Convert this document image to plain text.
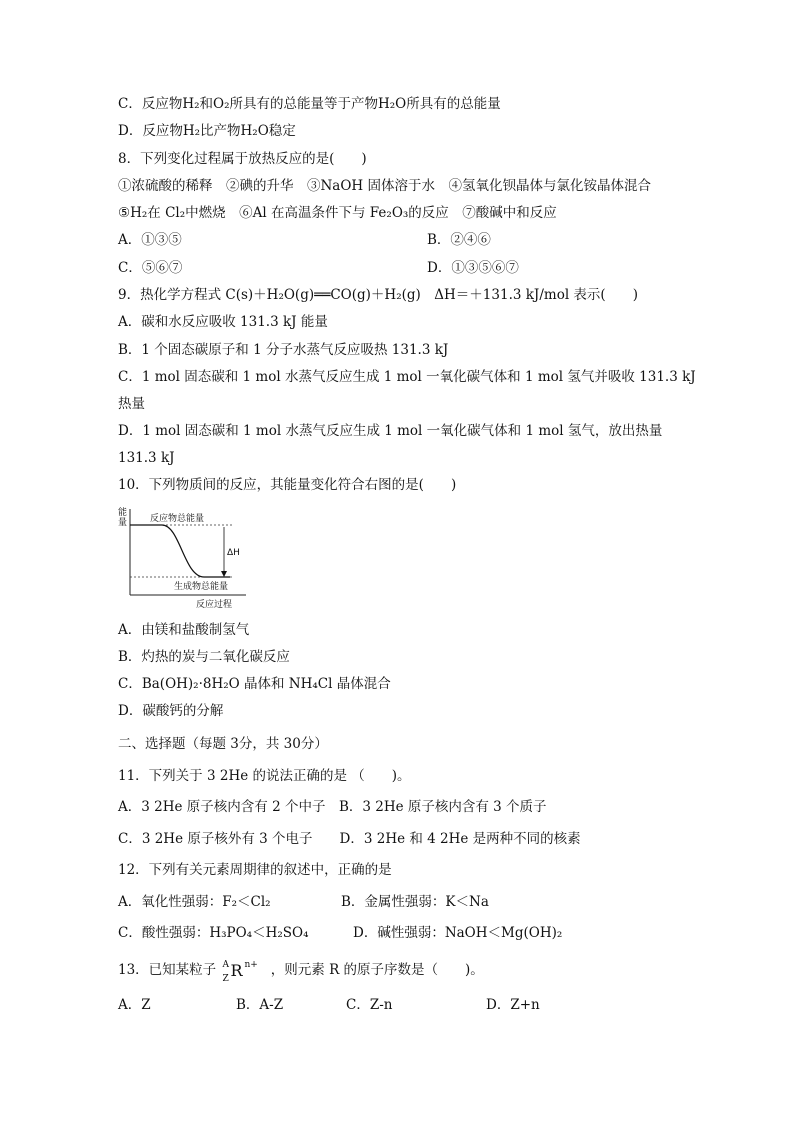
C．反应物H₂和O₂所具有的总能量等于产物H₂O所具有的总能量
D．反应物H₂比产物H₂O稳定
8．下列变化过程属于放热反应的是(　　)
①浓硫酸的稀释　②碘的升华　③NaOH 固体溶于水　④氢氧化钡晶体与氯化铵晶体混合
⑤H₂在 Cl₂中燃烧　⑥Al 在高温条件下与 Fe₂O₃的反应　⑦酸碱中和反应
A．①③⑤	B．②④⑥
C．⑤⑥⑦	D．①③⑤⑥⑦
9．热化学方程式 C(s)＋H₂O(g)══CO(g)＋H₂(g)　ΔH＝＋131.3 kJ/mol 表示(　　)
A．碳和水反应吸收 131.3 kJ 能量
B．1 个固态碳原子和 1 分子水蒸气反应吸热 131.3 kJ
C．1 mol 固态碳和 1 mol 水蒸气反应生成 1 mol 一氧化碳气体和 1 mol 氢气并吸收 131.3 kJ
热量
D．1 mol 固态碳和 1 mol 水蒸气反应生成 1 mol 一氧化碳气体和 1 mol 氢气，放出热量
131.3 kJ
10．下列物质间的反应，其能量变化符合右图的是(　　)
能
量	反应物总能量
ΔH
生成物总能量
反应过程
A．由镁和盐酸制氢气
B．灼热的炭与二氧化碳反应
C．Ba(OH)₂·8H₂O 晶体和 NH₄Cl 晶体混合
D．碳酸钙的分解
二、选择题（每题 3分，共 30分）
11．下列关于 3 2He 的说法正确的是 （　　)。
A．3 2He 原子核内含有 2 个中子　B．3 2He 原子核内含有 3 个质子
C．3 2He 原子核外有 3 个电子　　D．3 2He 和 4 2He 是两种不同的核素
12．下列有关元素周期律的叙述中，正确的是
A．氧化性强弱：F₂＜Cl₂	B．金属性强弱：K＜Na
C．酸性强弱：H₃PO₄＜H₂SO₄	D．碱性强弱：NaOH＜Mg(OH)₂
13．已知某粒子 A
Z R n+ ，则元素 R 的原子序数是（　　)。
A．Z	B．A-Z	C．Z-n	D．Z+n
